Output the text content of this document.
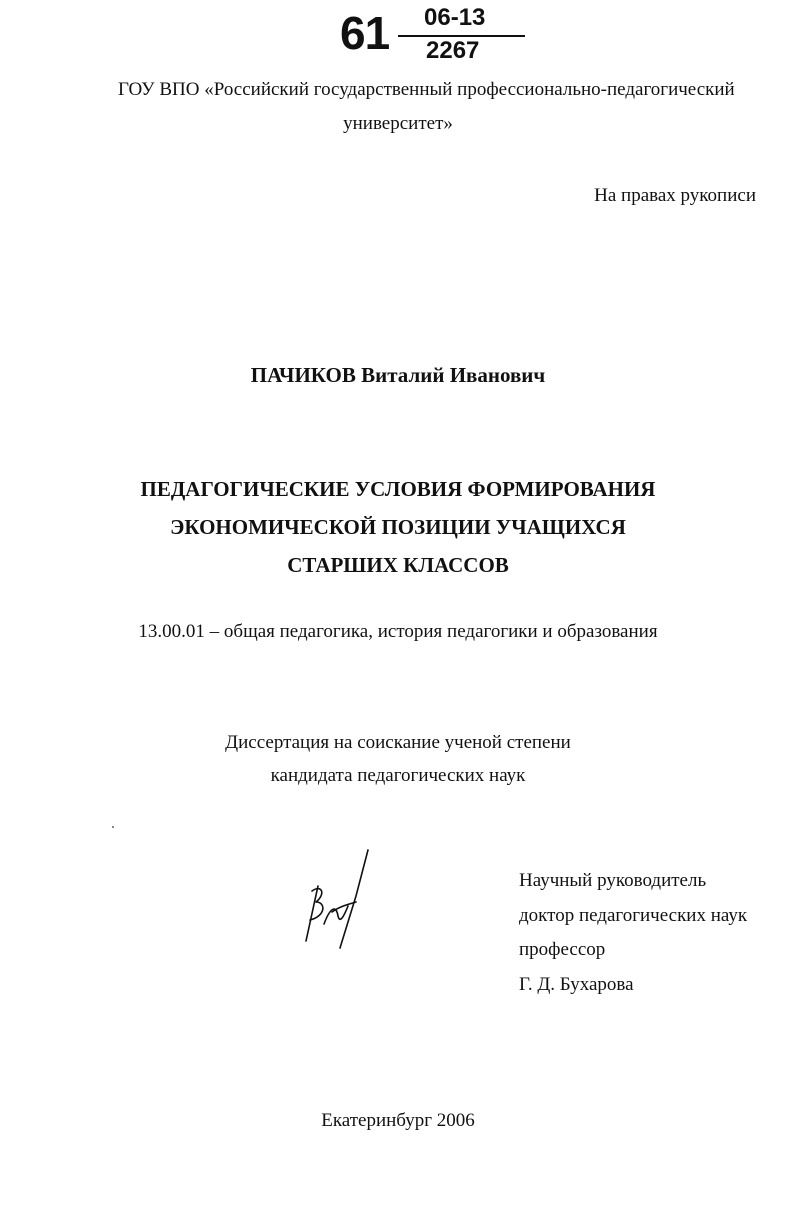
61 06-13
2267
ГОУ ВПО «Российский государственный профессионально-педагогический
университет»
На правах рукописи
ПАЧИКОВ Виталий Иванович
ПЕДАГОГИЧЕСКИЕ УСЛОВИЯ ФОРМИРОВАНИЯ
ЭКОНОМИЧЕСКОЙ ПОЗИЦИИ УЧАЩИХСЯ
СТАРШИХ КЛАССОВ
13.00.01 – общая педагогика, история педагогики и образования
Диссертация на соискание ученой степени
кандидата педагогических наук
Научный руководитель
доктор педагогических наук
профессор
Г. Д. Бухарова
Екатеринбург 2006
